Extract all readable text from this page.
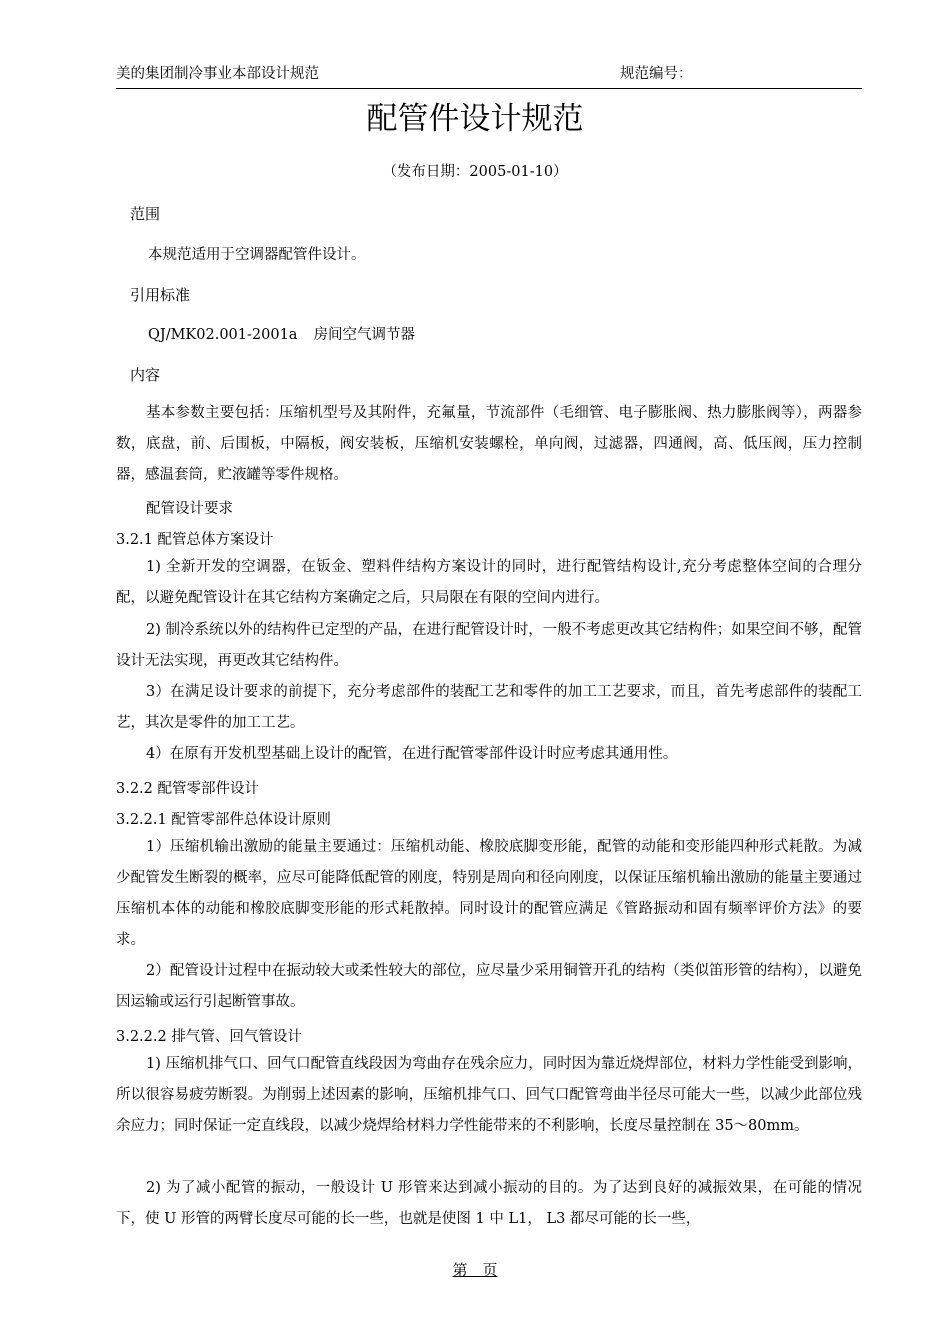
美的集团制冷事业本部设计规范	规范编号：
配管件设计规范
（发布日期：2005-01-10）
范围
本规范适用于空调器配管件设计。
引用标准
QJ/MK02.001-2001a 房间空气调节器
内容
基本参数主要包括：压缩机型号及其附件，充氟量，节流部件（毛细管、电子膨胀阀、热力膨胀阀等），两器参数，底盘，前、后围板，中隔板，阀安装板，压缩机安装螺栓，单向阀，过滤器，四通阀，高、低压阀，压力控制器，感温套筒，贮液罐等零件规格。
配管设计要求
3.2.1 配管总体方案设计
1) 全新开发的空调器，在钣金、塑料件结构方案设计的同时，进行配管结构设计,充分考虑整体空间的合理分配，以避免配管设计在其它结构方案确定之后，只局限在有限的空间内进行。
2) 制冷系统以外的结构件已定型的产品，在进行配管设计时，一般不考虑更改其它结构件；如果空间不够，配管设计无法实现，再更改其它结构件。
3）在满足设计要求的前提下，充分考虑部件的装配工艺和零件的加工工艺要求，而且，首先考虑部件的装配工艺，其次是零件的加工工艺。
4）在原有开发机型基础上设计的配管，在进行配管零部件设计时应考虑其通用性。
3.2.2 配管零部件设计
3.2.2.1 配管零部件总体设计原则
1）压缩机输出激励的能量主要通过：压缩机动能、橡胶底脚变形能，配管的动能和变形能四种形式耗散。为减少配管发生断裂的概率，应尽可能降低配管的刚度，特别是周向和径向刚度，以保证压缩机输出激励的能量主要通过压缩机本体的动能和橡胶底脚变形能的形式耗散掉。同时设计的配管应满足《管路振动和固有频率评价方法》的要求。
2）配管设计过程中在振动较大或柔性较大的部位，应尽量少采用铜管开孔的结构（类似笛形管的结构），以避免因运输或运行引起断管事故。
3.2.2.2 排气管、回气管设计
1) 压缩机排气口、回气口配管直线段因为弯曲存在残余应力，同时因为靠近烧焊部位，材料力学性能受到影响，所以很容易疲劳断裂。为削弱上述因素的影响，压缩机排气口、回气口配管弯曲半径尽可能大一些，以减少此部位残余应力；同时保证一定直线段，以减少烧焊给材料力学性能带来的不利影响，长度尽量控制在 35～80mm。
2) 为了减小配管的振动，一般设计 U 形管来达到减小振动的目的。为了达到良好的减振效果，在可能的情况下，使 U 形管的两臂长度尽可能的长一些，也就是使图 1 中 L1， L3 都尽可能的长一些，
第　页
